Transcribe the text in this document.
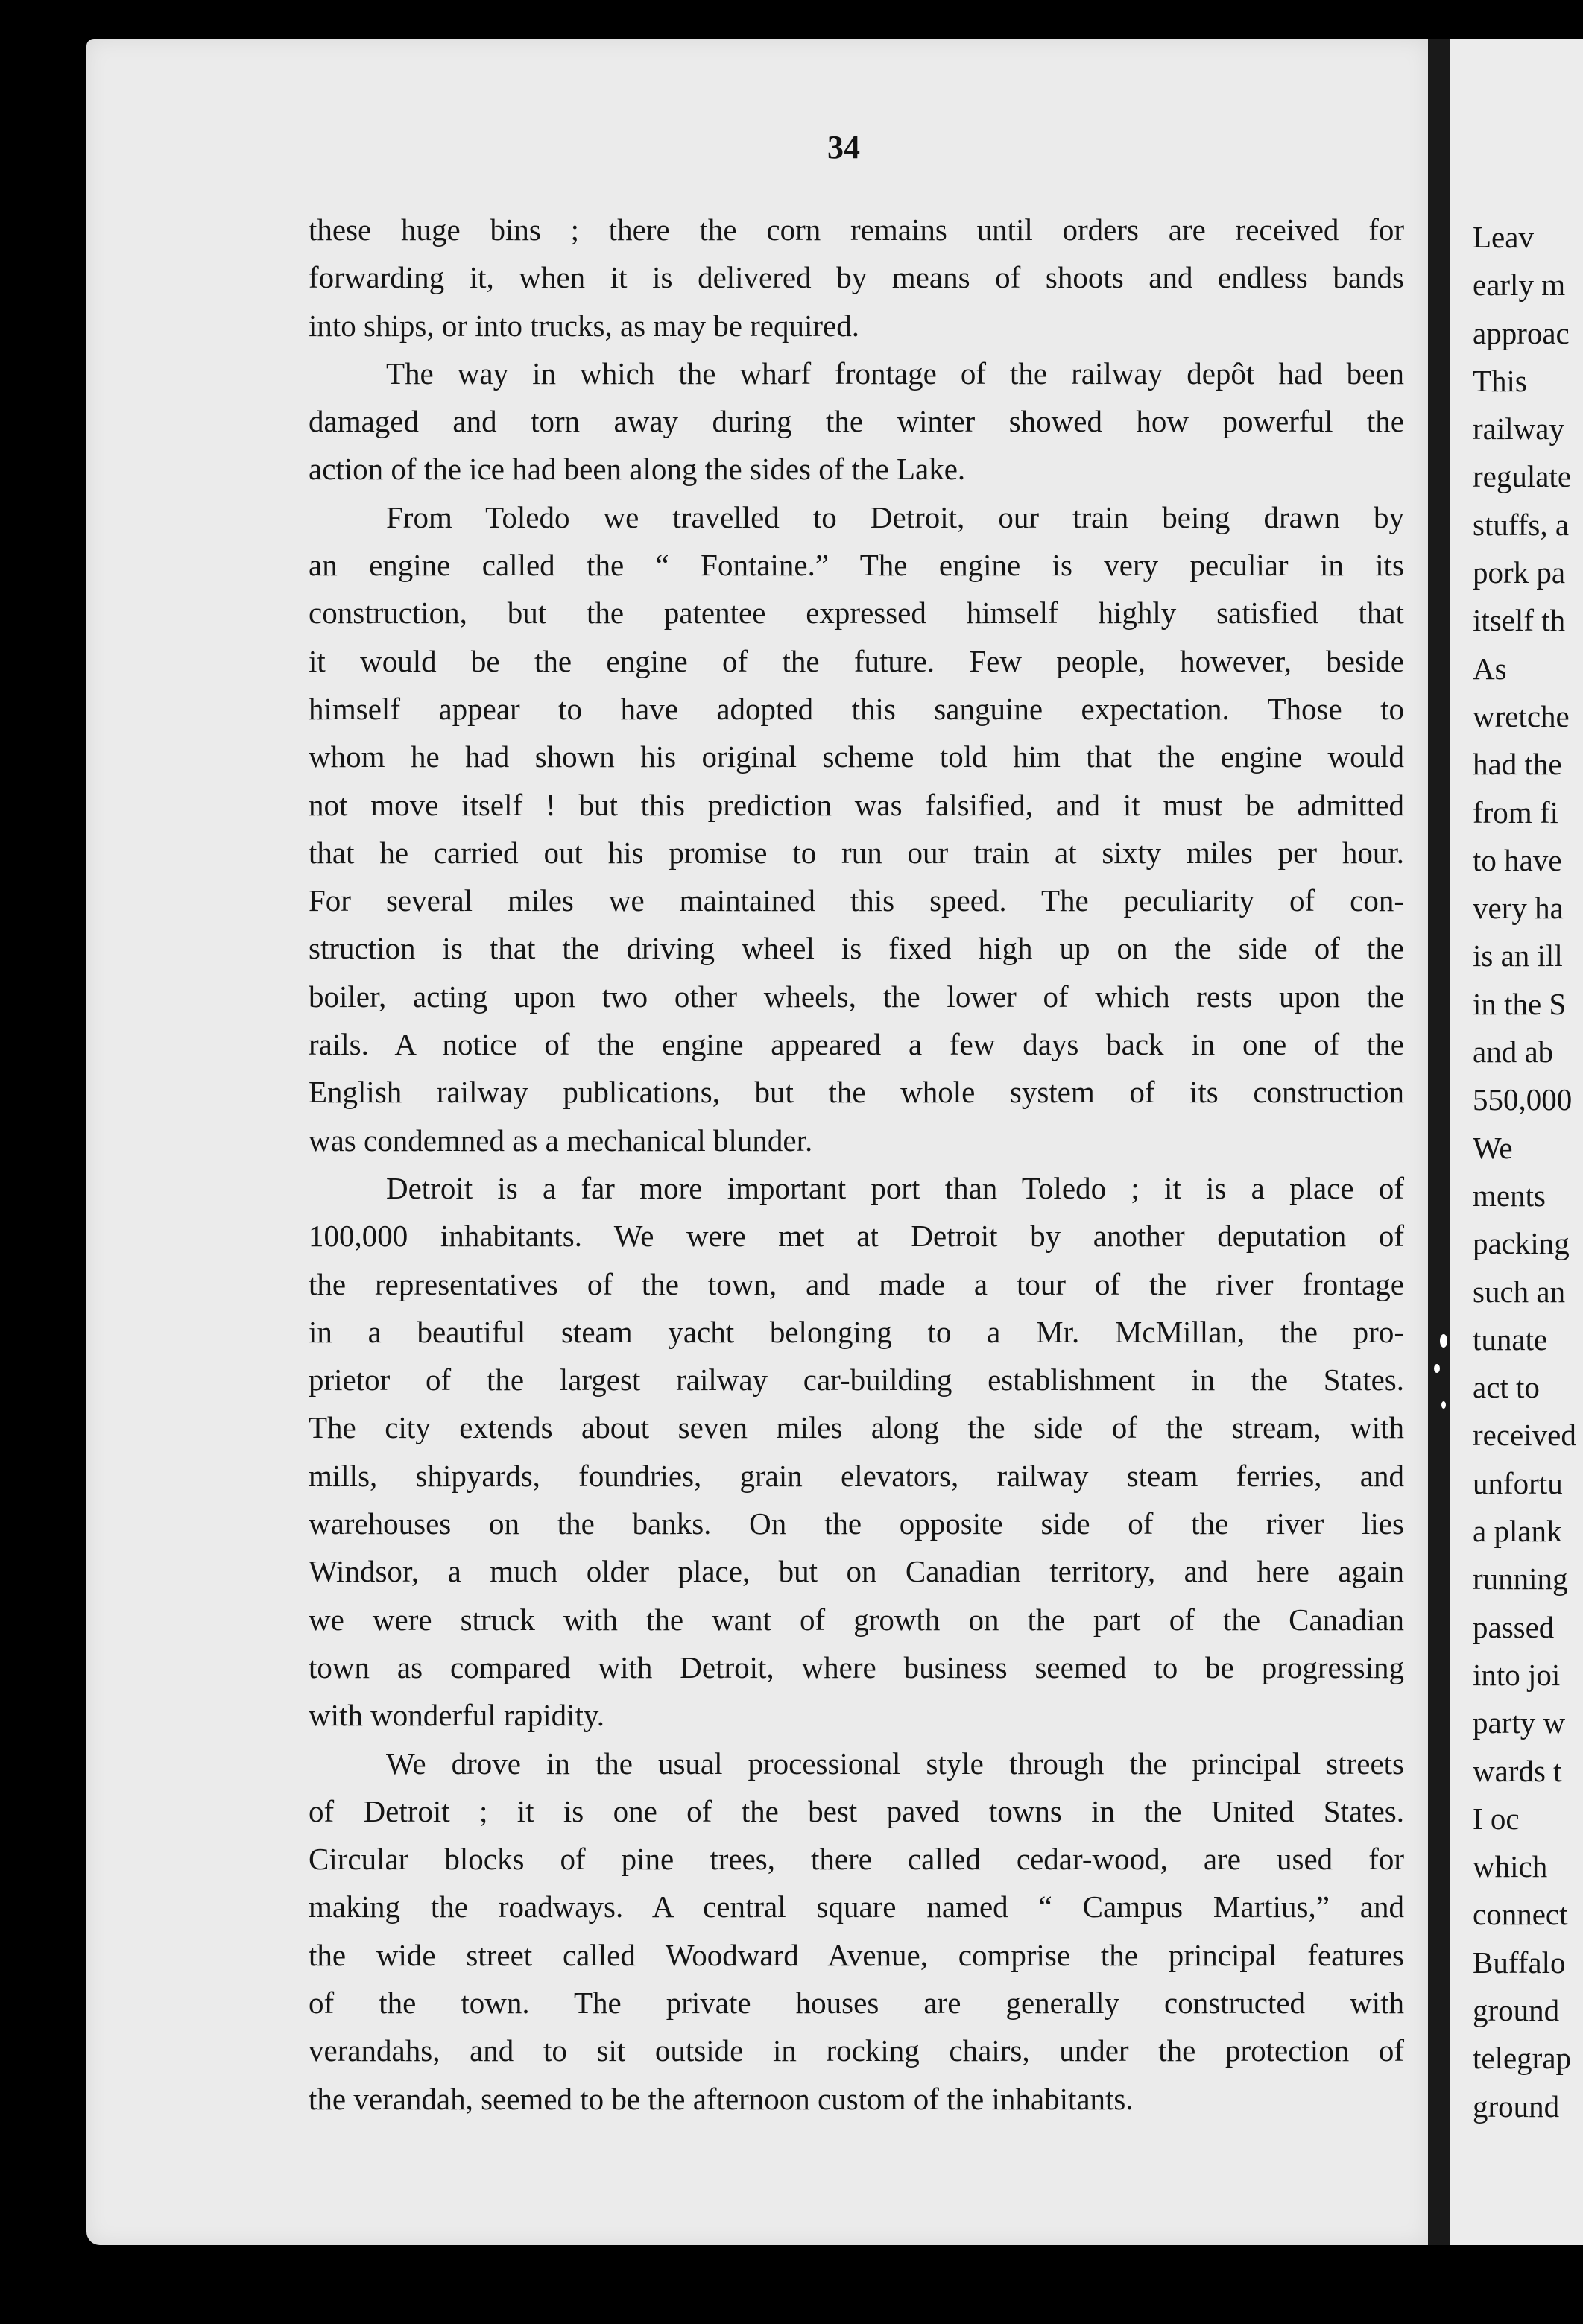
34

these huge bins ; there the corn remains until orders are received for
forwarding it, when it is delivered by means of shoots and endless bands
into ships, or into trucks, as may be required.

The way in which the wharf frontage of the railway depôt had been
damaged and torn away during the winter showed how powerful the
action of the ice had been along the sides of the Lake.

From Toledo we travelled to Detroit, our train being drawn by
an engine called the “ Fontaine.” The engine is very peculiar in its
construction, but the patentee expressed himself highly satisfied that
it would be the engine of the future. Few people, however, beside
himself appear to have adopted this sanguine expectation. Those to
whom he had shown his original scheme told him that the engine would
not move itself ! but this prediction was falsified, and it must be admitted
that he carried out his promise to run our train at sixty miles per hour.
For several miles we maintained this speed. The peculiarity of con-
struction is that the driving wheel is fixed high up on the side of the
boiler, acting upon two other wheels, the lower of which rests upon the
rails. A notice of the engine appeared a few days back in one of the
English railway publications, but the whole system of its construction
was condemned as a mechanical blunder.

Detroit is a far more important port than Toledo ; it is a place of
100,000 inhabitants. We were met at Detroit by another deputation of
the representatives of the town, and made a tour of the river frontage
in a beautiful steam yacht belonging to a Mr. McMillan, the pro-
prietor of the largest railway car-building establishment in the States.
The city extends about seven miles along the side of the stream, with
mills, shipyards, foundries, grain elevators, railway steam ferries, and
warehouses on the banks. On the opposite side of the river lies
Windsor, a much older place, but on Canadian territory, and here again
we were struck with the want of growth on the part of the Canadian
town as compared with Detroit, where business seemed to be progressing
with wonderful rapidity.

We drove in the usual processional style through the principal streets
of Detroit ; it is one of the best paved towns in the United States.
Circular blocks of pine trees, there called cedar-wood, are used for
making the roadways. A central square named “ Campus Martius,” and
the wide street called Woodward Avenue, comprise the principal features
of the town. The private houses are generally constructed with
verandahs, and to sit outside in rocking chairs, under the protection of
the verandah, seemed to be the afternoon custom of the inhabitants.

Leav
early m
approac
This
railway
regulate
stuffs, a
pork pa
itself th
As
wretche
had the
from fi
to have
very ha
is an ill
in the S
and ab
550,000
We
ments
packing
such an
tunate
act to
received
unfortu
a plank
running
passed
into joi
party w
wards t
I oc
which
connect
Buffalo
ground
telegrap
ground
